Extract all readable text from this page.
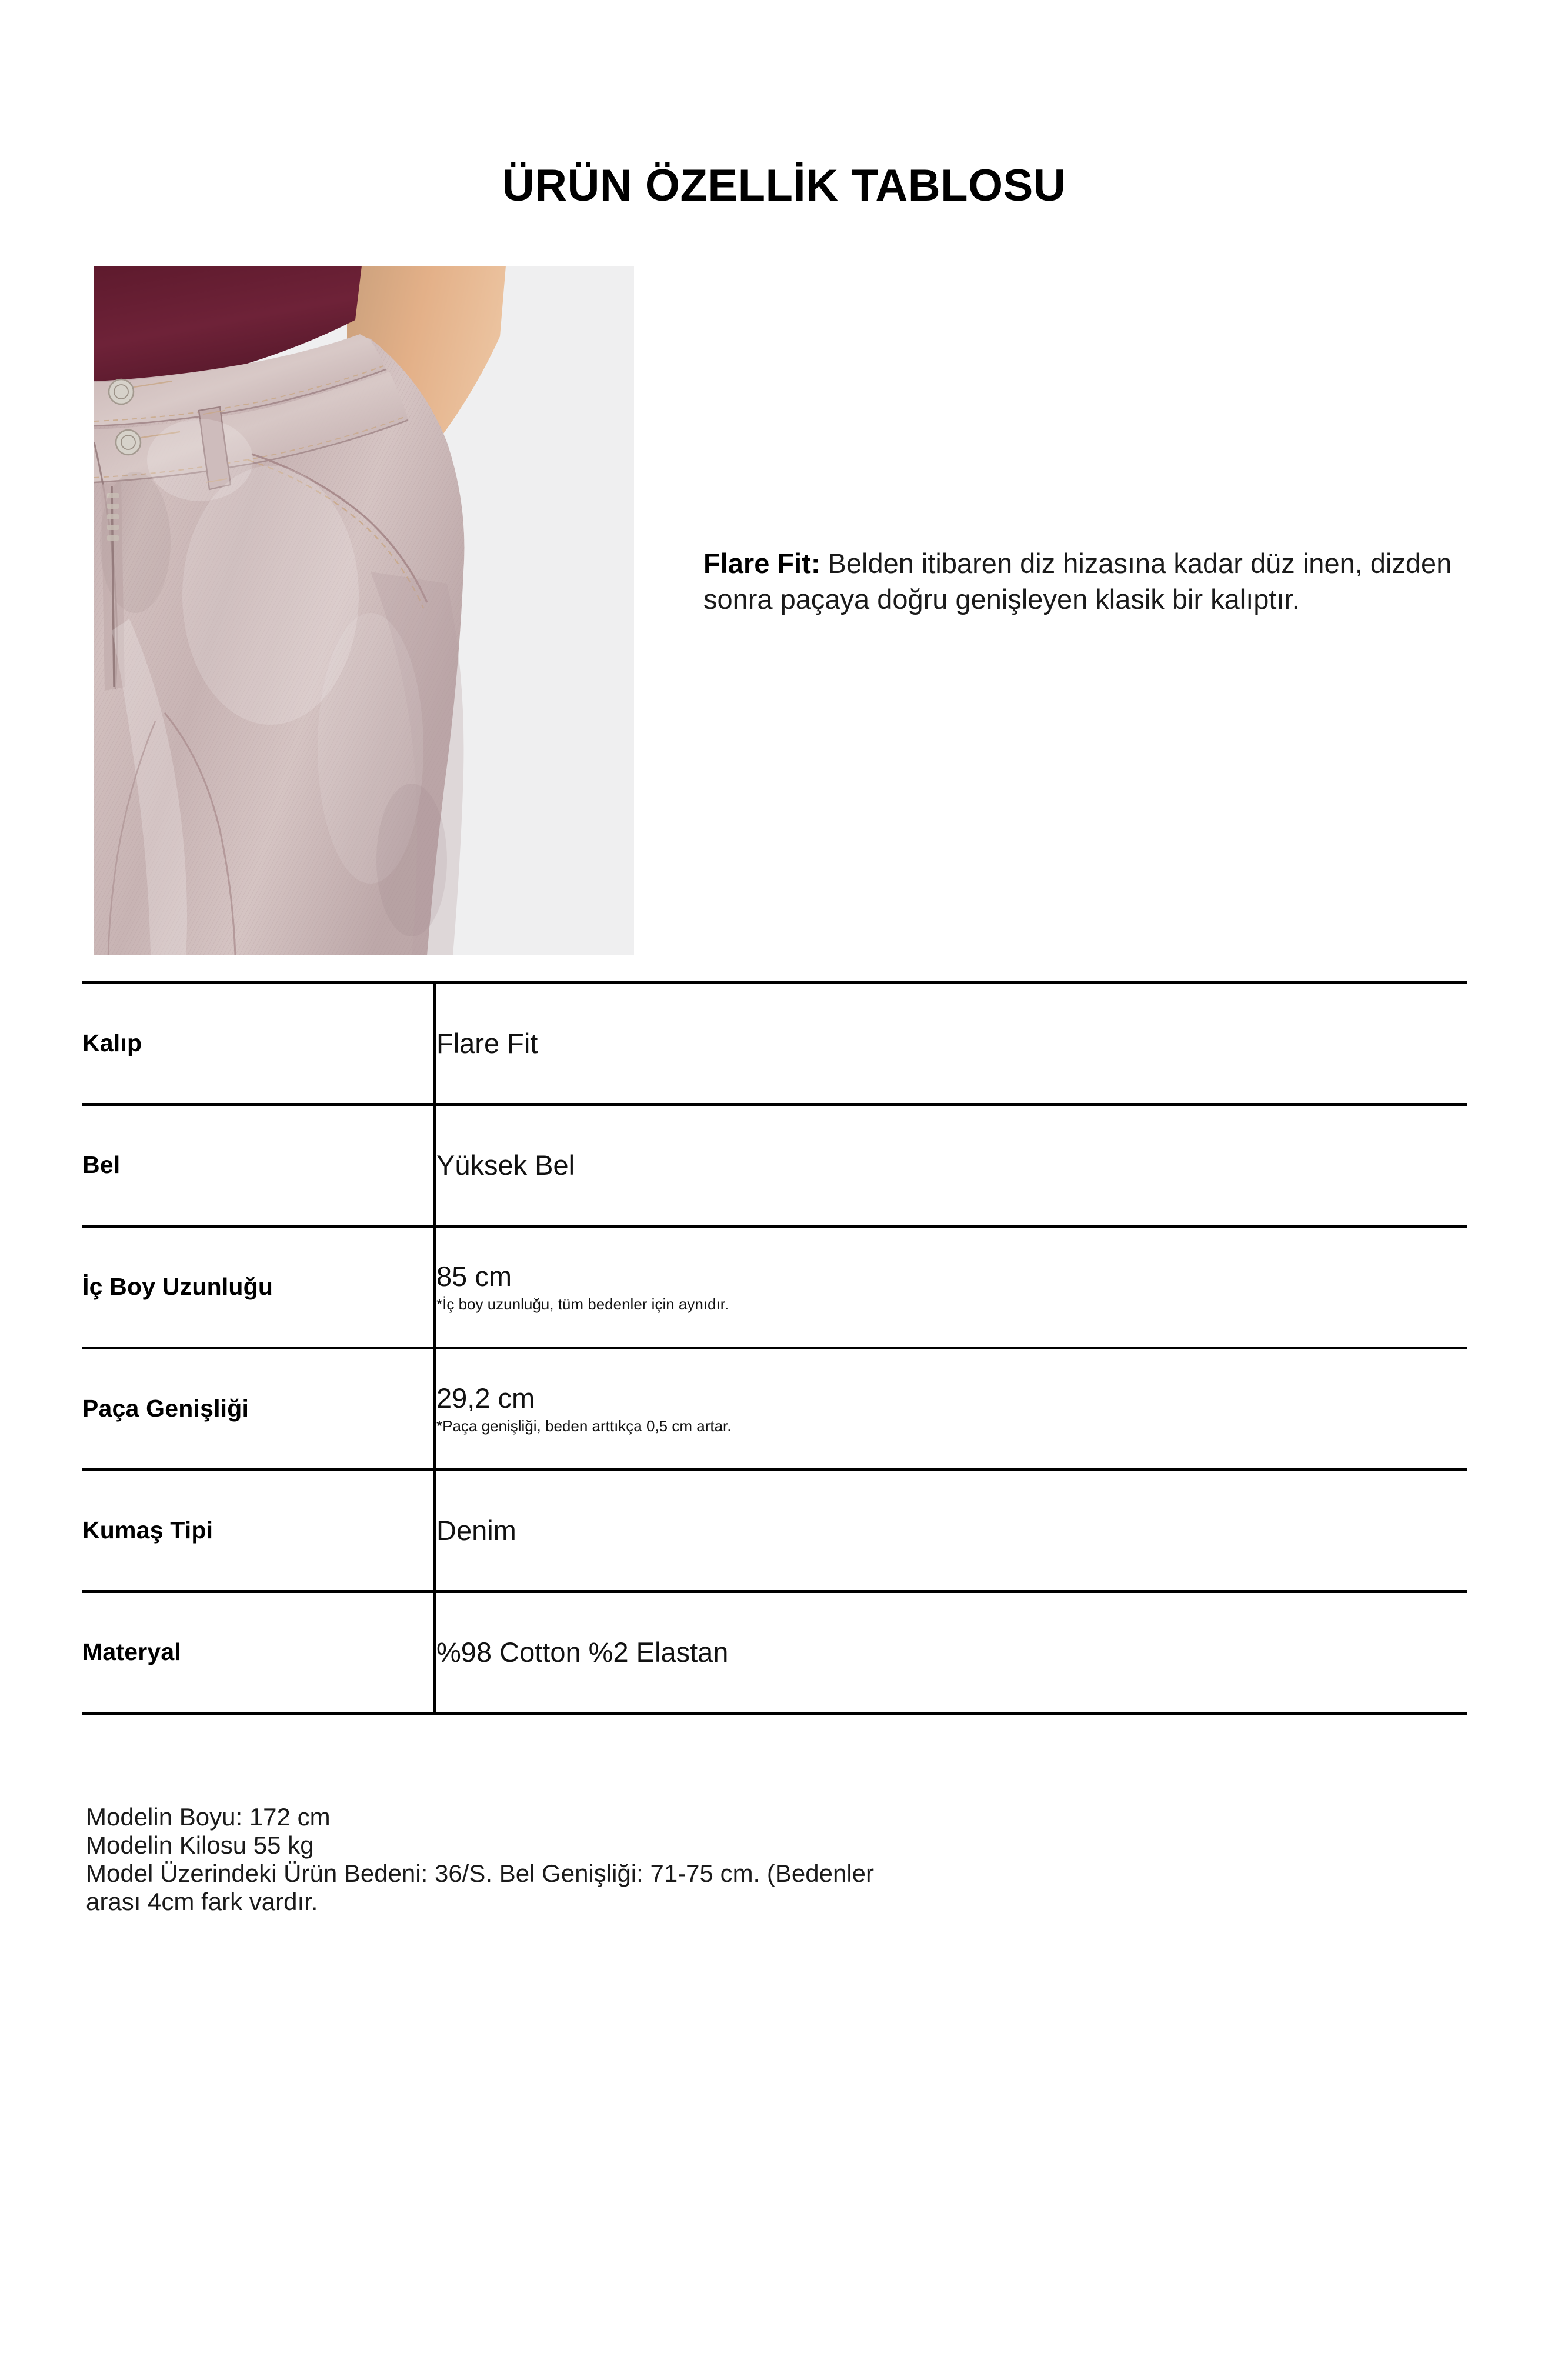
ÜRÜN ÖZELLİK TABLOSU

Flare Fit: Belden itibaren diz hizasına kadar düz inen, dizden sonra paçaya doğru genişleyen klasik bir kalıptır.

Kalıp	Flare Fit

Bel	Yüksek Bel

İç Boy Uzunluğu	85 cm
*İç boy uzunluğu, tüm bedenler için aynıdır.

Paça Genişliği	29,2 cm
*Paça genişliği, beden arttıkça 0,5 cm artar.

Kumaş Tipi	Denim

Materyal	%98 Cotton %2 Elastan
Modelin Boyu: 172 cm
Modelin Kilosu 55 kg
Model Üzerindeki Ürün Bedeni: 36/S. Bel Genişliği: 71-75 cm. (Bedenler
arası 4cm fark vardır.
